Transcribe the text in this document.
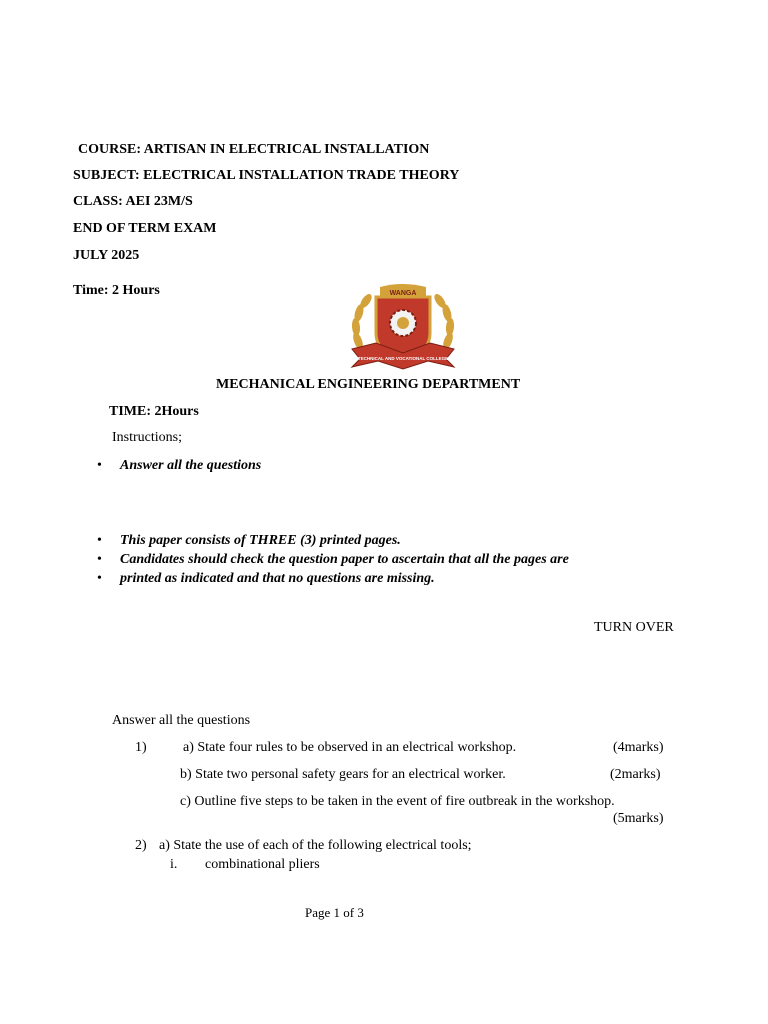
COURSE: ARTISAN IN ELECTRICAL INSTALLATION
SUBJECT: ELECTRICAL INSTALLATION TRADE THEORY
CLASS: AEI 23M/S
END OF TERM EXAM
JULY 2025
Time: 2 Hours	WANGA
TECHNICAL AND VOCATIONAL COLLEGE
MECHANICAL ENGINEERING DEPARTMENT
TIME: 2Hours
Instructions;
• Answer all the questions
• This paper consists of THREE (3) printed pages.
• Candidates should check the question paper to ascertain that all the pages are
• printed as indicated and that no questions are missing.
TURN OVER
Answer all the questions
1)	a) State four rules to be observed in an electrical workshop.	(4marks)
b) State two personal safety gears for an electrical worker.	(2marks)
c) Outline five steps to be taken in the event of fire outbreak in the workshop.
(5marks)
2) a) State the use of each of the following electrical tools;
i. combinational pliers
Page 1 of 3
